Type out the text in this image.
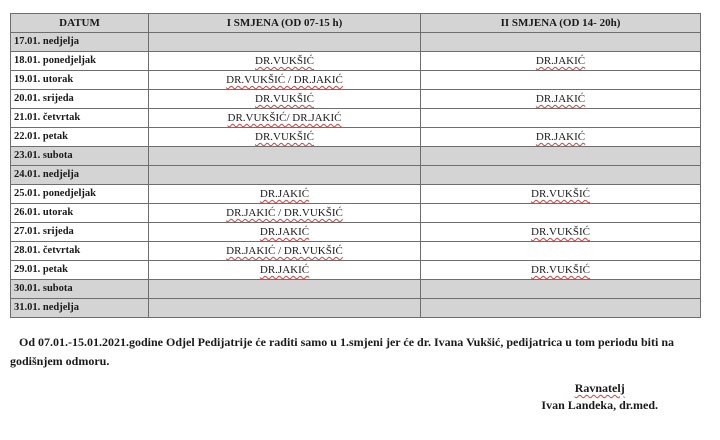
DATUM	I SMJENA (OD 07-15 h)	II SMJENA (OD 14- 20h)
17.01. nedjelja		
18.01. ponedjeljak	DR.VUKŠIĆ	DR.JAKIĆ
19.01. utorak	DR.VUKŠIĆ / DR.JAKIĆ	
20.01. srijeda	DR.VUKŠIĆ	DR.JAKIĆ
21.01. četvrtak	DR.VUKŠIĆ/ DR.JAKIĆ	
22.01. petak	DR.VUKŠIĆ	DR.JAKIĆ
23.01. subota		
24.01. nedjelja		
25.01. ponedjeljak	DR.JAKIĆ	DR.VUKŠIĆ
26.01. utorak	DR.JAKIĆ / DR.VUKŠIĆ	
27.01. srijeda	DR.JAKIĆ	DR.VUKŠIĆ
28.01. četvrtak	DR.JAKIĆ / DR.VUKŠIĆ	
29.01. petak	DR.JAKIĆ	DR.VUKŠIĆ
30.01. subota		
31.01. nedjelja		

Od 07.01.-15.01.2021.godine Odjel Pedijatrije će raditi samo u 1.smjeni jer će dr. Ivana Vukšić, pedijatrica u tom periodu biti na godišnjem odmoru.

Ravnatelj
Ivan Landeka, dr.med.
